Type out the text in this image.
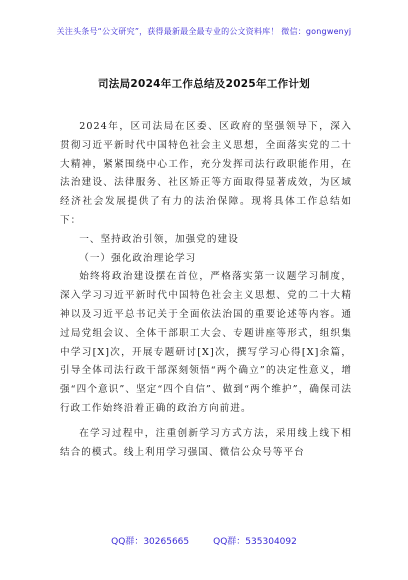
关注头条号“公文研究”，获得最新最全最专业的公文资料库！ 微信：gongwenyj
司法局2024年工作总结及2025年工作计划

2024年，区司法局在区委、区政府的坚强领导下，深入贯彻习近平新时代中国特色社会主义思想，全面落实党的二十大精神，紧紧围绕中心工作，充分发挥司法行政职能作用，在法治建设、法律服务、社区矫正等方面取得显著成效，为区域经济社会发展提供了有力的法治保障。现将具体工作总结如下：

一、坚持政治引领，加强党的建设

（一）强化政治理论学习

始终将政治建设摆在首位，严格落实第一议题学习制度，深入学习习近平新时代中国特色社会主义思想、党的二十大精神以及习近平总书记关于全面依法治国的重要论述等内容。通过局党组会议、全体干部职工大会、专题讲座等形式，组织集中学习[X]次，开展专题研讨[X]次，撰写学习心得[X]余篇，引导全体司法行政干部深刻领悟“两个确立”的决定性意义，增强“四个意识”、坚定“四个自信”、做到“两个维护”，确保司法行政工作始终沿着正确的政治方向前进。

在学习过程中，注重创新学习方式方法，采用线上线下相结合的模式。线上利用学习强国、微信公众号等平台

QQ群：30265665	QQ群：535304092
